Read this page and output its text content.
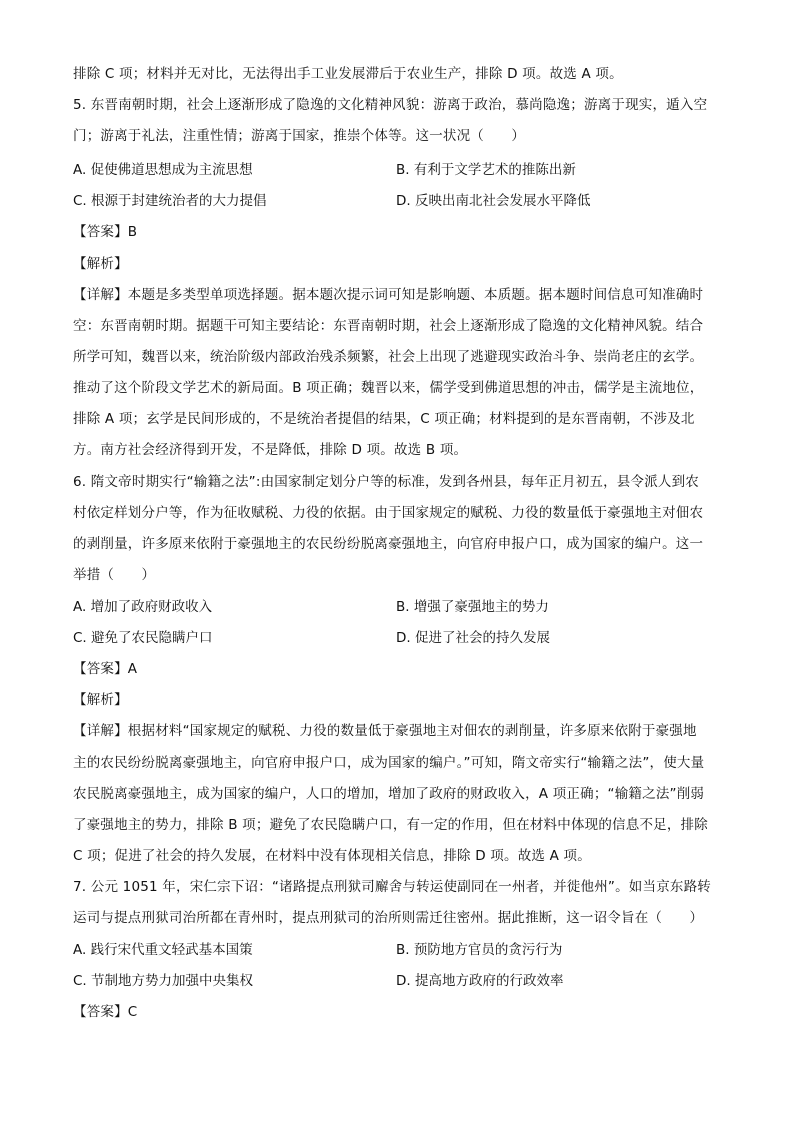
排除 C 项；材料并无对比，无法得出手工业发展滞后于农业生产，排除 D 项。故选 A 项。
5. 东晋南朝时期，社会上逐渐形成了隐逸的文化精神风貌：游离于政治，慕尚隐逸；游离于现实，遁入空
门；游离于礼法，注重性情；游离于国家，推崇个体等。这一状况（　　）
A. 促使佛道思想成为主流思想	B. 有利于文学艺术的推陈出新
C. 根源于封建统治者的大力提倡	D. 反映出南北社会发展水平降低
【答案】B
【解析】
【详解】本题是多类型单项选择题。据本题次提示词可知是影响题、本质题。据本题时间信息可知准确时
空：东晋南朝时期。据题干可知主要结论：东晋南朝时期，社会上逐渐形成了隐逸的文化精神风貌。结合
所学可知，魏晋以来，统治阶级内部政治残杀频繁，社会上出现了逃避现实政治斗争、崇尚老庄的玄学。
推动了这个阶段文学艺术的新局面。B 项正确；魏晋以来，儒学受到佛道思想的冲击，儒学是主流地位，
排除 A 项；玄学是民间形成的，不是统治者提倡的结果，C 项正确；材料提到的是东晋南朝，不涉及北
方。南方社会经济得到开发，不是降低，排除 D 项。故选 B 项。
6. 隋文帝时期实行“输籍之法”:由国家制定划分户等的标准，发到各州县，每年正月初五，县令派人到农
村依定样划分户等，作为征收赋税、力役的依据。由于国家规定的赋税、力役的数量低于豪强地主对佃农
的剥削量，许多原来依附于豪强地主的农民纷纷脱离豪强地主，向官府申报户口，成为国家的编户。这一
举措（　　）
A. 增加了政府财政收入	B. 增强了豪强地主的势力
C. 避免了农民隐瞒户口	D. 促进了社会的持久发展
【答案】A
【解析】
【详解】根据材料“国家规定的赋税、力役的数量低于豪强地主对佃农的剥削量，许多原来依附于豪强地
主的农民纷纷脱离豪强地主，向官府申报户口，成为国家的编户。”可知，隋文帝实行“输籍之法”，使大量
农民脱离豪强地主，成为国家的编户，人口的增加，增加了政府的财政收入，A 项正确；“输籍之法”削弱
了豪强地主的势力，排除 B 项；避免了农民隐瞒户口，有一定的作用，但在材料中体现的信息不足，排除
C 项；促进了社会的持久发展，在材料中没有体现相关信息，排除 D 项。故选 A 项。
7. 公元 1051 年，宋仁宗下诏：“诸路提点刑狱司廨舍与转运使副同在一州者，并徙他州”。如当京东路转
运司与提点刑狱司治所都在青州时，提点刑狱司的治所则需迁往密州。据此推断，这一诏令旨在（　　）
A. 践行宋代重文轻武基本国策	B. 预防地方官员的贪污行为
C. 节制地方势力加强中央集权	D. 提高地方政府的行政效率
【答案】C
